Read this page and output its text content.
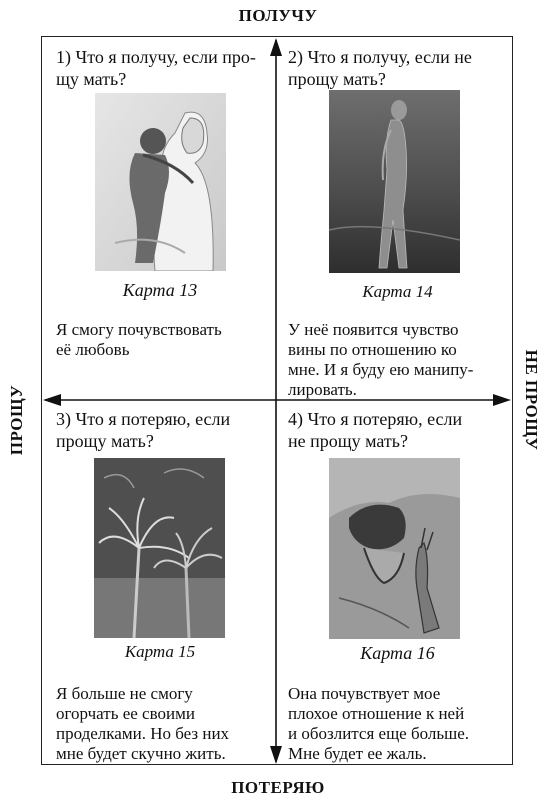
ПОЛУЧУ
ПОТЕРЯЮ
ПРОЩУ	НЕ ПРОЩУ
1) Что я получу, если про-
щу мать?
Карта 13
Я смогу почувствовать
её любовь
2) Что я получу, если не
прощу мать?
Карта 14
У неё появится чувство
вины по отношению ко
мне. И я буду ею манипу-
лировать.
3) Что я потеряю, если
прощу мать?
Карта 15
Я больше не смогу
огорчать ее своими
проделками. Но без них
мне будет скучно жить.
4) Что я потеряю, если
не прощу мать?
Карта 16
Она почувствует мое
плохое отношение к ней
и обозлится еще больше.
Мне будет ее жаль.
